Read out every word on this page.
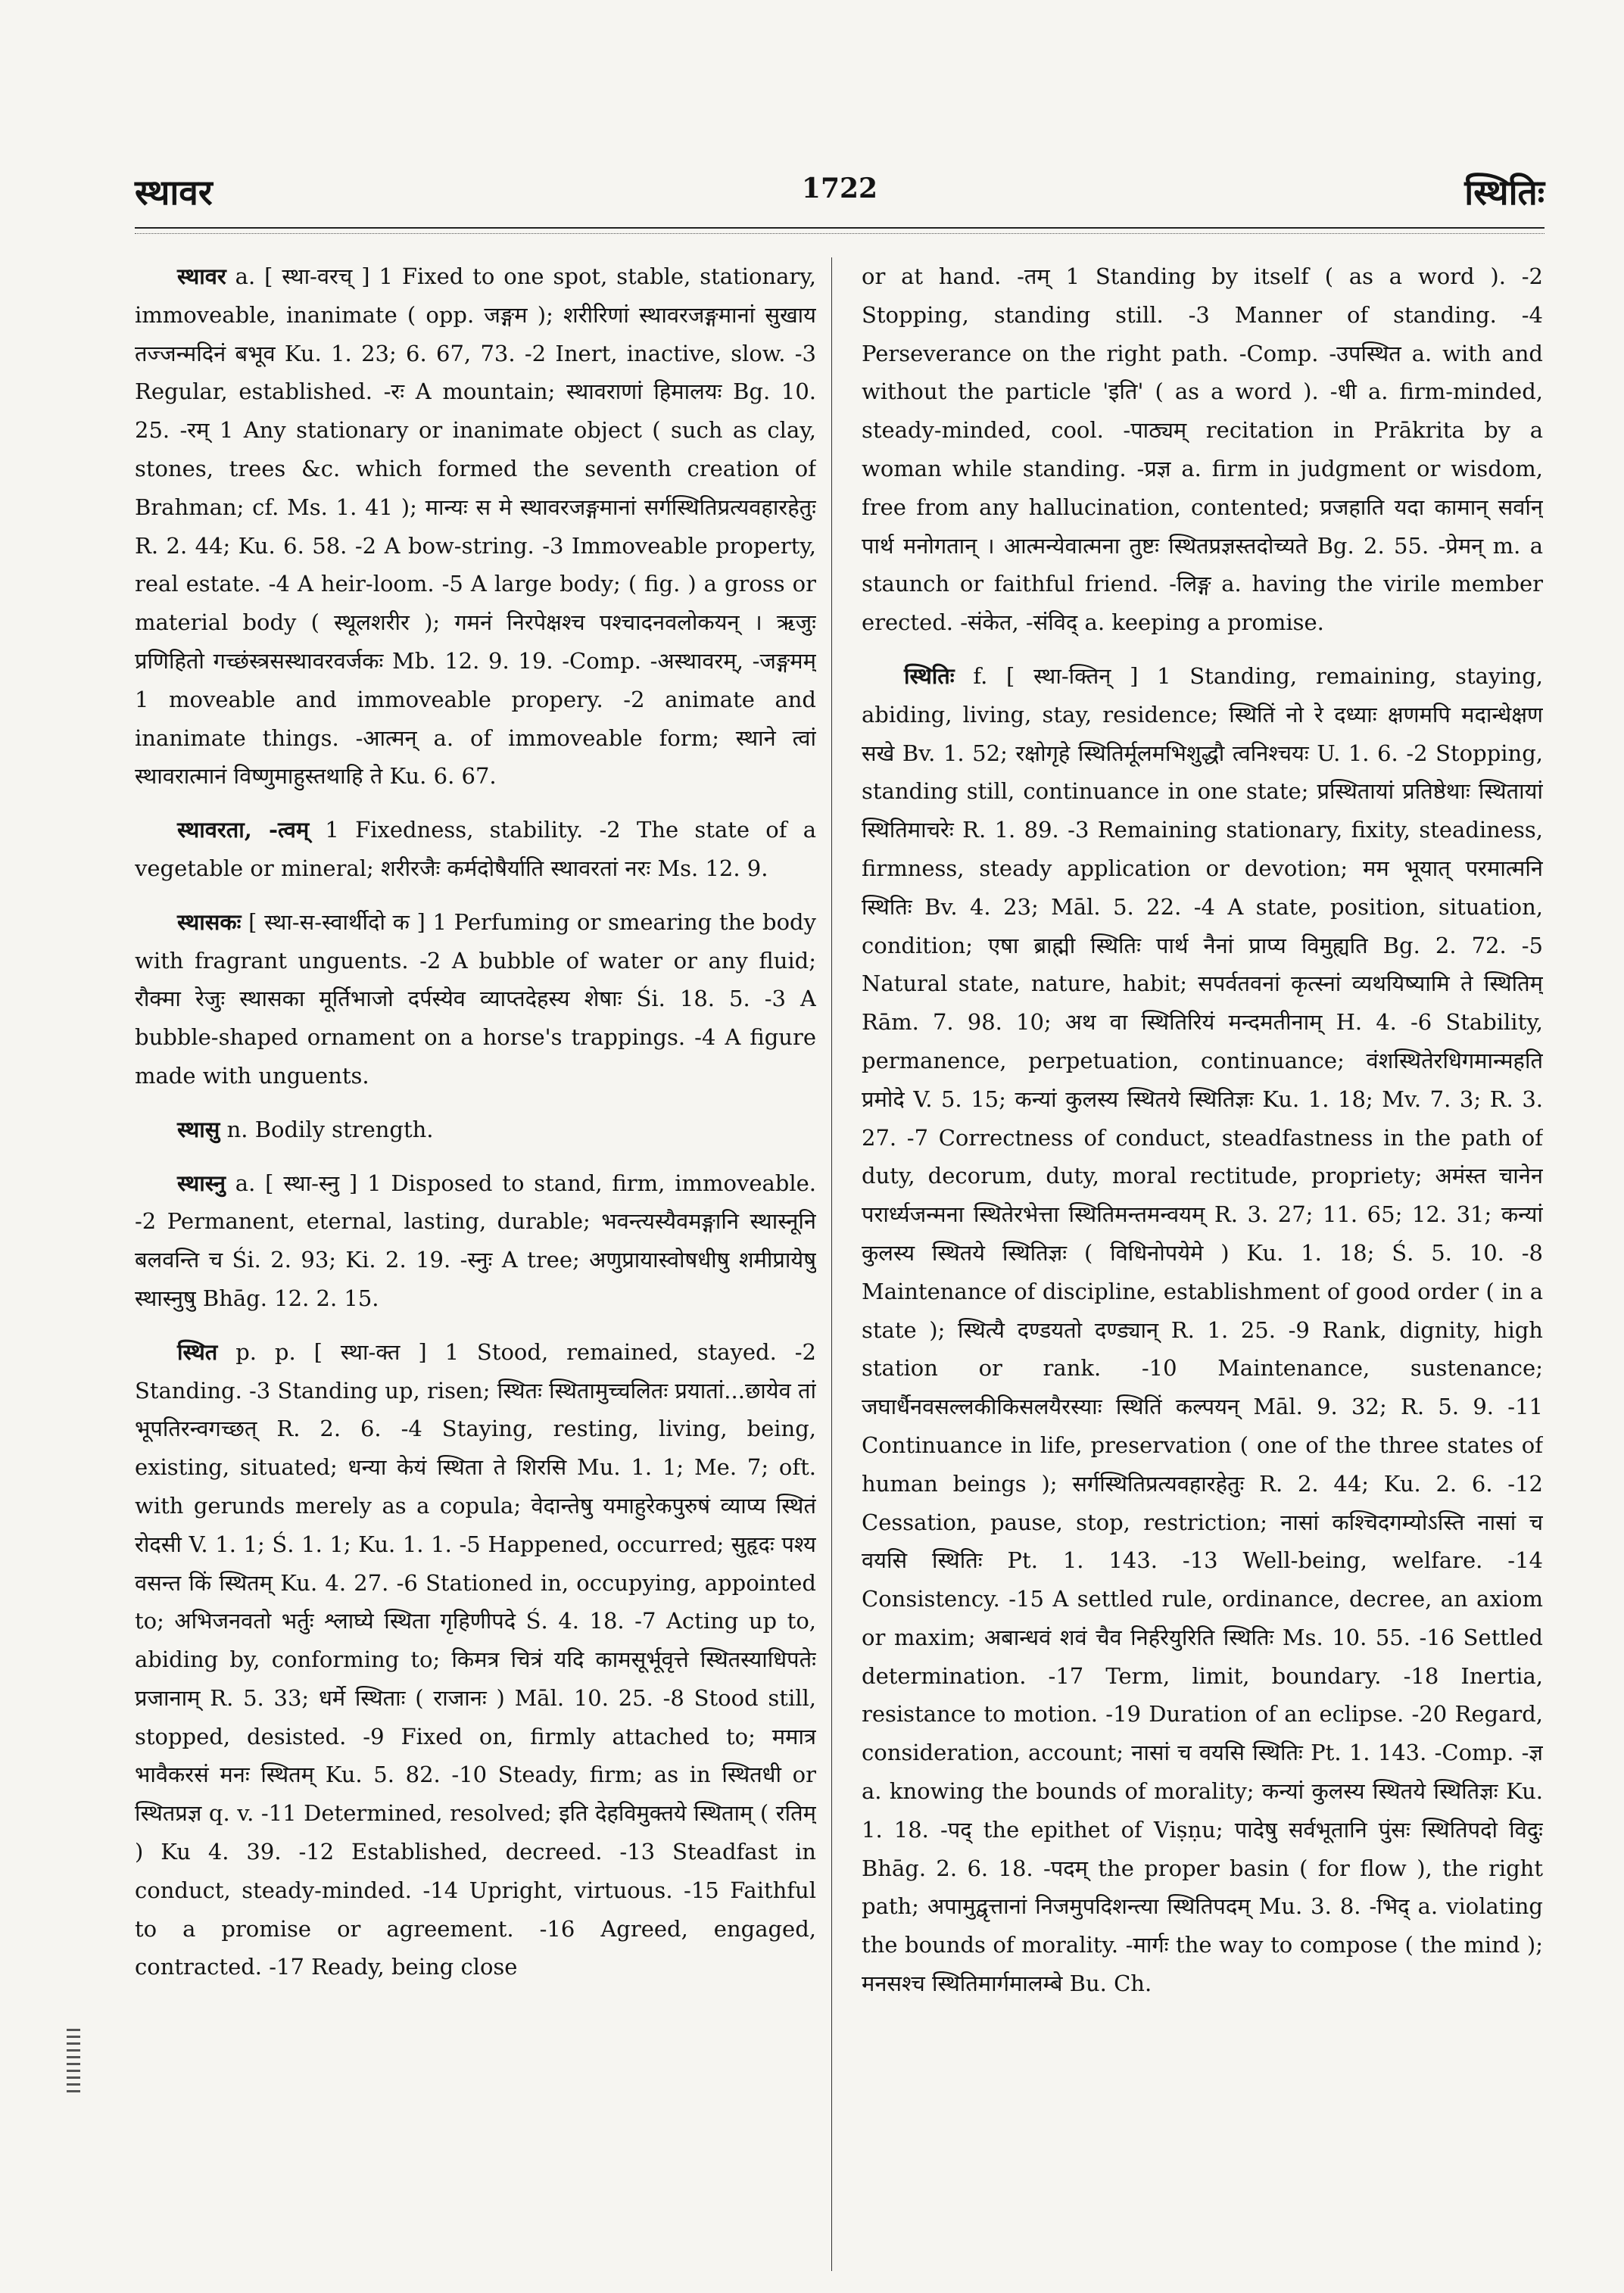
स्थावर	1722	स्थितिः

स्थावर a. [ स्था-वरच् ] 1 Fixed to one spot, stable, stationary, immoveable, inanimate ( opp. जङ्गम ); शरीरिणां स्थावरजङ्गमानां सुखाय तज्जन्मदिनं बभूव Ku. 1. 23; 6. 67, 73. -2 Inert, inactive, slow. -3 Regular, established. -रः A mountain; स्थावराणां हिमालयः Bg. 10. 25. -रम् 1 Any stationary or inanimate object ( such as clay, stones, trees &c. which formed the seventh creation of Brahman; cf. Ms. 1. 41 ); मान्यः स मे स्थावरजङ्गमानां सर्गस्थितिप्रत्यवहारहेतुः R. 2. 44; Ku. 6. 58. -2 A bow-string. -3 Immoveable property, real estate. -4 A heir-loom. -5 A large body; ( fig. ) a gross or material body ( स्थूलशरीर ); गमनं निरपेक्षश्च पश्चादनवलोकयन् । ऋजुः प्रणिहितो गच्छंस्त्रसस्थावरवर्जकः Mb. 12. 9. 19. -Comp. -अस्थावरम्, -जङ्गमम् 1 moveable and immoveable propery. -2 animate and inanimate things. -आत्मन् a. of immoveable form; स्थाने त्वां स्थावरात्मानं विष्णुमाहुस्तथाहि ते Ku. 6. 67.

स्थावरता, -त्वम् 1 Fixedness, stability. -2 The state of a vegetable or mineral; शरीरजैः कर्मदोषैर्याति स्थावरतां नरः Ms. 12. 9.

स्थासकः [ स्था-स-स्वार्थीदो क ] 1 Perfuming or smearing the body with fragrant unguents. -2 A bubble of water or any fluid; रौक्मा रेजुः स्थासका मूर्तिभाजो दर्पस्येव व्याप्तदेहस्य शेषाः Śi. 18. 5. -3 A bubble-shaped ornament on a horse's trappings. -4 A figure made with unguents.

स्थासु n. Bodily strength.

स्थास्नु a. [ स्था-स्नु ] 1 Disposed to stand, firm, immoveable. -2 Permanent, eternal, lasting, durable; भवन्त्यस्यैवमङ्गानि स्थास्नूनि बलवन्ति च Śi. 2. 93; Ki. 2. 19. -स्नुः A tree; अणुप्रायास्वोषधीषु शमीप्रायेषु स्थास्नुषु Bhāg. 12. 2. 15.

स्थित p. p. [ स्था-क्त ] 1 Stood, remained, stayed. -2 Standing. -3 Standing up, risen; स्थितः स्थितामुच्चलितः प्रयातां...छायेव तां भूपतिरन्वगच्छत् R. 2. 6. -4 Staying, resting, living, being, existing, situated; धन्या केयं स्थिता ते शिरसि Mu. 1. 1; Me. 7; oft. with gerunds merely as a copula; वेदान्तेषु यमाहुरेकपुरुषं व्याप्य स्थितं रोदसी V. 1. 1; Ś. 1. 1; Ku. 1. 1. -5 Happened, occurred; सुहृदः पश्य वसन्त किं स्थितम् Ku. 4. 27. -6 Stationed in, occupying, appointed to; अभिजनवतो भर्तुः श्लाघ्ये स्थिता गृहिणीपदे Ś. 4. 18. -7 Acting up to, abiding by, conforming to; किमत्र चित्रं यदि कामसूर्भूवृत्ते स्थितस्याधिपतेः प्रजानाम् R. 5. 33; धर्मे स्थिताः ( राजानः ) Māl. 10. 25. -8 Stood still, stopped, desisted. -9 Fixed on, firmly attached to; ममात्र भावैकरसं मनः स्थितम् Ku. 5. 82. -10 Steady, firm; as in स्थितधी or स्थितप्रज्ञ q. v. -11 Determined, resolved; इति देहविमुक्तये स्थिताम् ( रतिम् ) Ku 4. 39. -12 Established, decreed. -13 Steadfast in conduct, steady-minded. -14 Upright, virtuous. -15 Faithful to a promise or agreement. -16 Agreed, engaged, contracted. -17 Ready, being close

or at hand. -तम् 1 Standing by itself ( as a word ). -2 Stopping, standing still. -3 Manner of standing. -4 Perseverance on the right path. -Comp. -उपस्थित a. with and without the particle 'इति' ( as a word ). -धी a. firm-minded, steady-minded, cool. -पाठ्यम् recitation in Prākrita by a woman while standing. -प्रज्ञ a. firm in judgment or wisdom, free from any hallucination, contented; प्रजहाति यदा कामान् सर्वान् पार्थ मनोगतान् । आत्मन्येवात्मना तुष्टः स्थितप्रज्ञस्तदोच्यते Bg. 2. 55. -प्रेमन् m. a staunch or faithful friend. -लिङ्ग a. having the virile member erected. -संकेत, -संविद् a. keeping a promise.

स्थितिः f. [ स्था-क्तिन् ] 1 Standing, remaining, staying, abiding, living, stay, residence; स्थितिं नो रे दध्याः क्षणमपि मदान्धेक्षण सखे Bv. 1. 52; रक्षोगृहे स्थितिर्मूलमभिशुद्धौ त्वनिश्चयः U. 1. 6. -2 Stopping, standing still, continuance in one state; प्रस्थितायां प्रतिष्ठेथाः स्थितायां स्थितिमाचरेः R. 1. 89. -3 Remaining stationary, fixity, steadiness, firmness, steady application or devotion; मम भूयात् परमात्मनि स्थितिः Bv. 4. 23; Māl. 5. 22. -4 A state, position, situation, condition; एषा ब्राह्मी स्थितिः पार्थ नैनां प्राप्य विमुह्यति Bg. 2. 72. -5 Natural state, nature, habit; सपर्वतवनां कृत्स्नां व्यथयिष्यामि ते स्थितिम् Rām. 7. 98. 10; अथ वा स्थितिरियं मन्दमतीनाम् H. 4. -6 Stability, permanence, perpetuation, continuance; वंशस्थितेरधिगमान्महति प्रमोदे V. 5. 15; कन्यां कुलस्य स्थितये स्थितिज्ञः Ku. 1. 18; Mv. 7. 3; R. 3. 27. -7 Correctness of conduct, steadfastness in the path of duty, decorum, duty, moral rectitude, propriety; अमंस्त चानेन परार्ध्यजन्मना स्थितेरभेत्ता स्थितिमन्तमन्वयम् R. 3. 27; 11. 65; 12. 31; कन्यां कुलस्य स्थितये स्थितिज्ञः ( विधिनोपयेमे ) Ku. 1. 18; Ś. 5. 10. -8 Maintenance of discipline, establishment of good order ( in a state ); स्थित्यै दण्डयतो दण्ड्यान् R. 1. 25. -9 Rank, dignity, high station or rank. -10 Maintenance, sustenance; जघार्धैनवसल्लकीकिसलयैरस्याः स्थितिं कल्पयन् Māl. 9. 32; R. 5. 9. -11 Continuance in life, preservation ( one of the three states of human beings ); सर्गस्थितिप्रत्यवहारहेतुः R. 2. 44; Ku. 2. 6. -12 Cessation, pause, stop, restriction; नासां कश्चिदगम्योऽस्ति नासां च वयसि स्थितिः Pt. 1. 143. -13 Well-being, welfare. -14 Consistency. -15 A settled rule, ordinance, decree, an axiom or maxim; अबान्धवं शवं चैव निर्हरेयुरिति स्थितिः Ms. 10. 55. -16 Settled determination. -17 Term, limit, boundary. -18 Inertia, resistance to motion. -19 Duration of an eclipse. -20 Regard, consideration, account; नासां च वयसि स्थितिः Pt. 1. 143. -Comp. -ज्ञ a. knowing the bounds of morality; कन्यां कुलस्य स्थितये स्थितिज्ञः Ku. 1. 18. -पद् the epithet of Viṣṇu; पादेषु सर्वभूतानि पुंसः स्थितिपदो विदुः Bhāg. 2. 6. 18. -पदम् the proper basin ( for flow ), the right path; अपामुद्वृत्तानां निजमुपदिशन्त्या स्थितिपदम् Mu. 3. 8. -भिद् a. violating the bounds of morality. -मार्गः the way to compose ( the mind ); मनसश्च स्थितिमार्गमालम्बे Bu. Ch.
